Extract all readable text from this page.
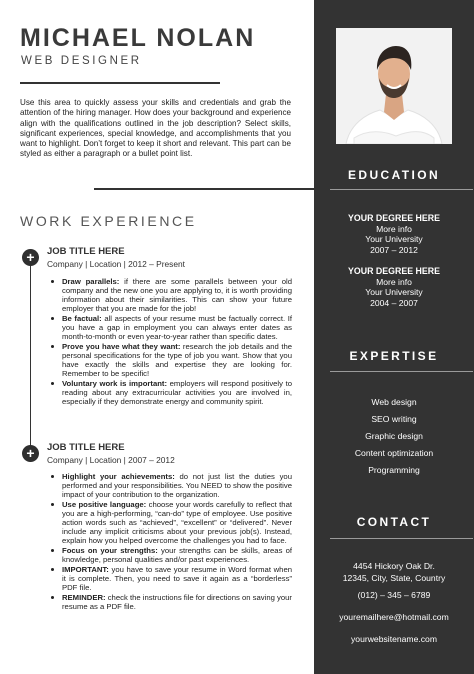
MICHAEL NOLAN
WEB DESIGNER

Use this area to quickly assess your skills and credentials and grab the attention of the hiring manager. How does your background and experience align with the qualifications outlined in the job description? Select skills, significant experiences, special knowledge, and accomplishments that you want to highlight. Don’t forget to keep it short and relevant. This part can be styled as either a paragraph or a bullet point list.

WORK EXPERIENCE
+
+
JOB TITLE HERE
Company | Location | 2012 – Present
Draw parallels: if there are some parallels between your old company and the new one you are applying to, it is worth providing information about their similarities. This can show your future employer that you are made for the job!
Be factual: all aspects of your resume must be factually correct. If you have a gap in employment you can always enter dates as month-to-month or even year-to-year rather than specific dates.
Prove you have what they want: research the job details and the personal specifications for the type of job you want. Show that you have exactly the skills and expertise they are looking for. Remember to be specific!
Voluntary work is important: employers will respond positively to reading about any extracurricular activities you are involved in, especially if they demonstrate energy and community spirit.
JOB TITLE HERE
Company | Location | 2007 – 2012
Highlight your achievements: do not just list the duties you performed and your responsibilities. You NEED to show the positive impact of your contribution to the organization.
Use positive language: choose your words carefully to reflect that you are a high-performing, “can-do” type of employee. Use positive action words such as “achieved”, “excellent” or “delivered”. Never include any implicit criticisms about your previous job(s). Instead, explain how you helped overcome the challenges you had to face.
Focus on your strengths: your strengths can be skills, areas of knowledge, personal qualities and/or past experiences.
IMPORTANT: you have to save your resume in Word format when it is complete. Then, you need to save it again as a “borderless” PDF file.
REMINDER: check the instructions file for directions on saving your resume as a PDF file.
EDUCATION
YOUR DEGREE HERE
More info
Your University
2007 – 2012
YOUR DEGREE HERE
More info
Your University
2004 – 2007
EXPERTISE
Web design
SEO writing
Graphic design
Content optimization
Programming
CONTACT
4454 Hickory Oak Dr.
12345, City, State, Country
(012) – 345 – 6789
youremailhere@hotmail.com
yourwebsitename.com
